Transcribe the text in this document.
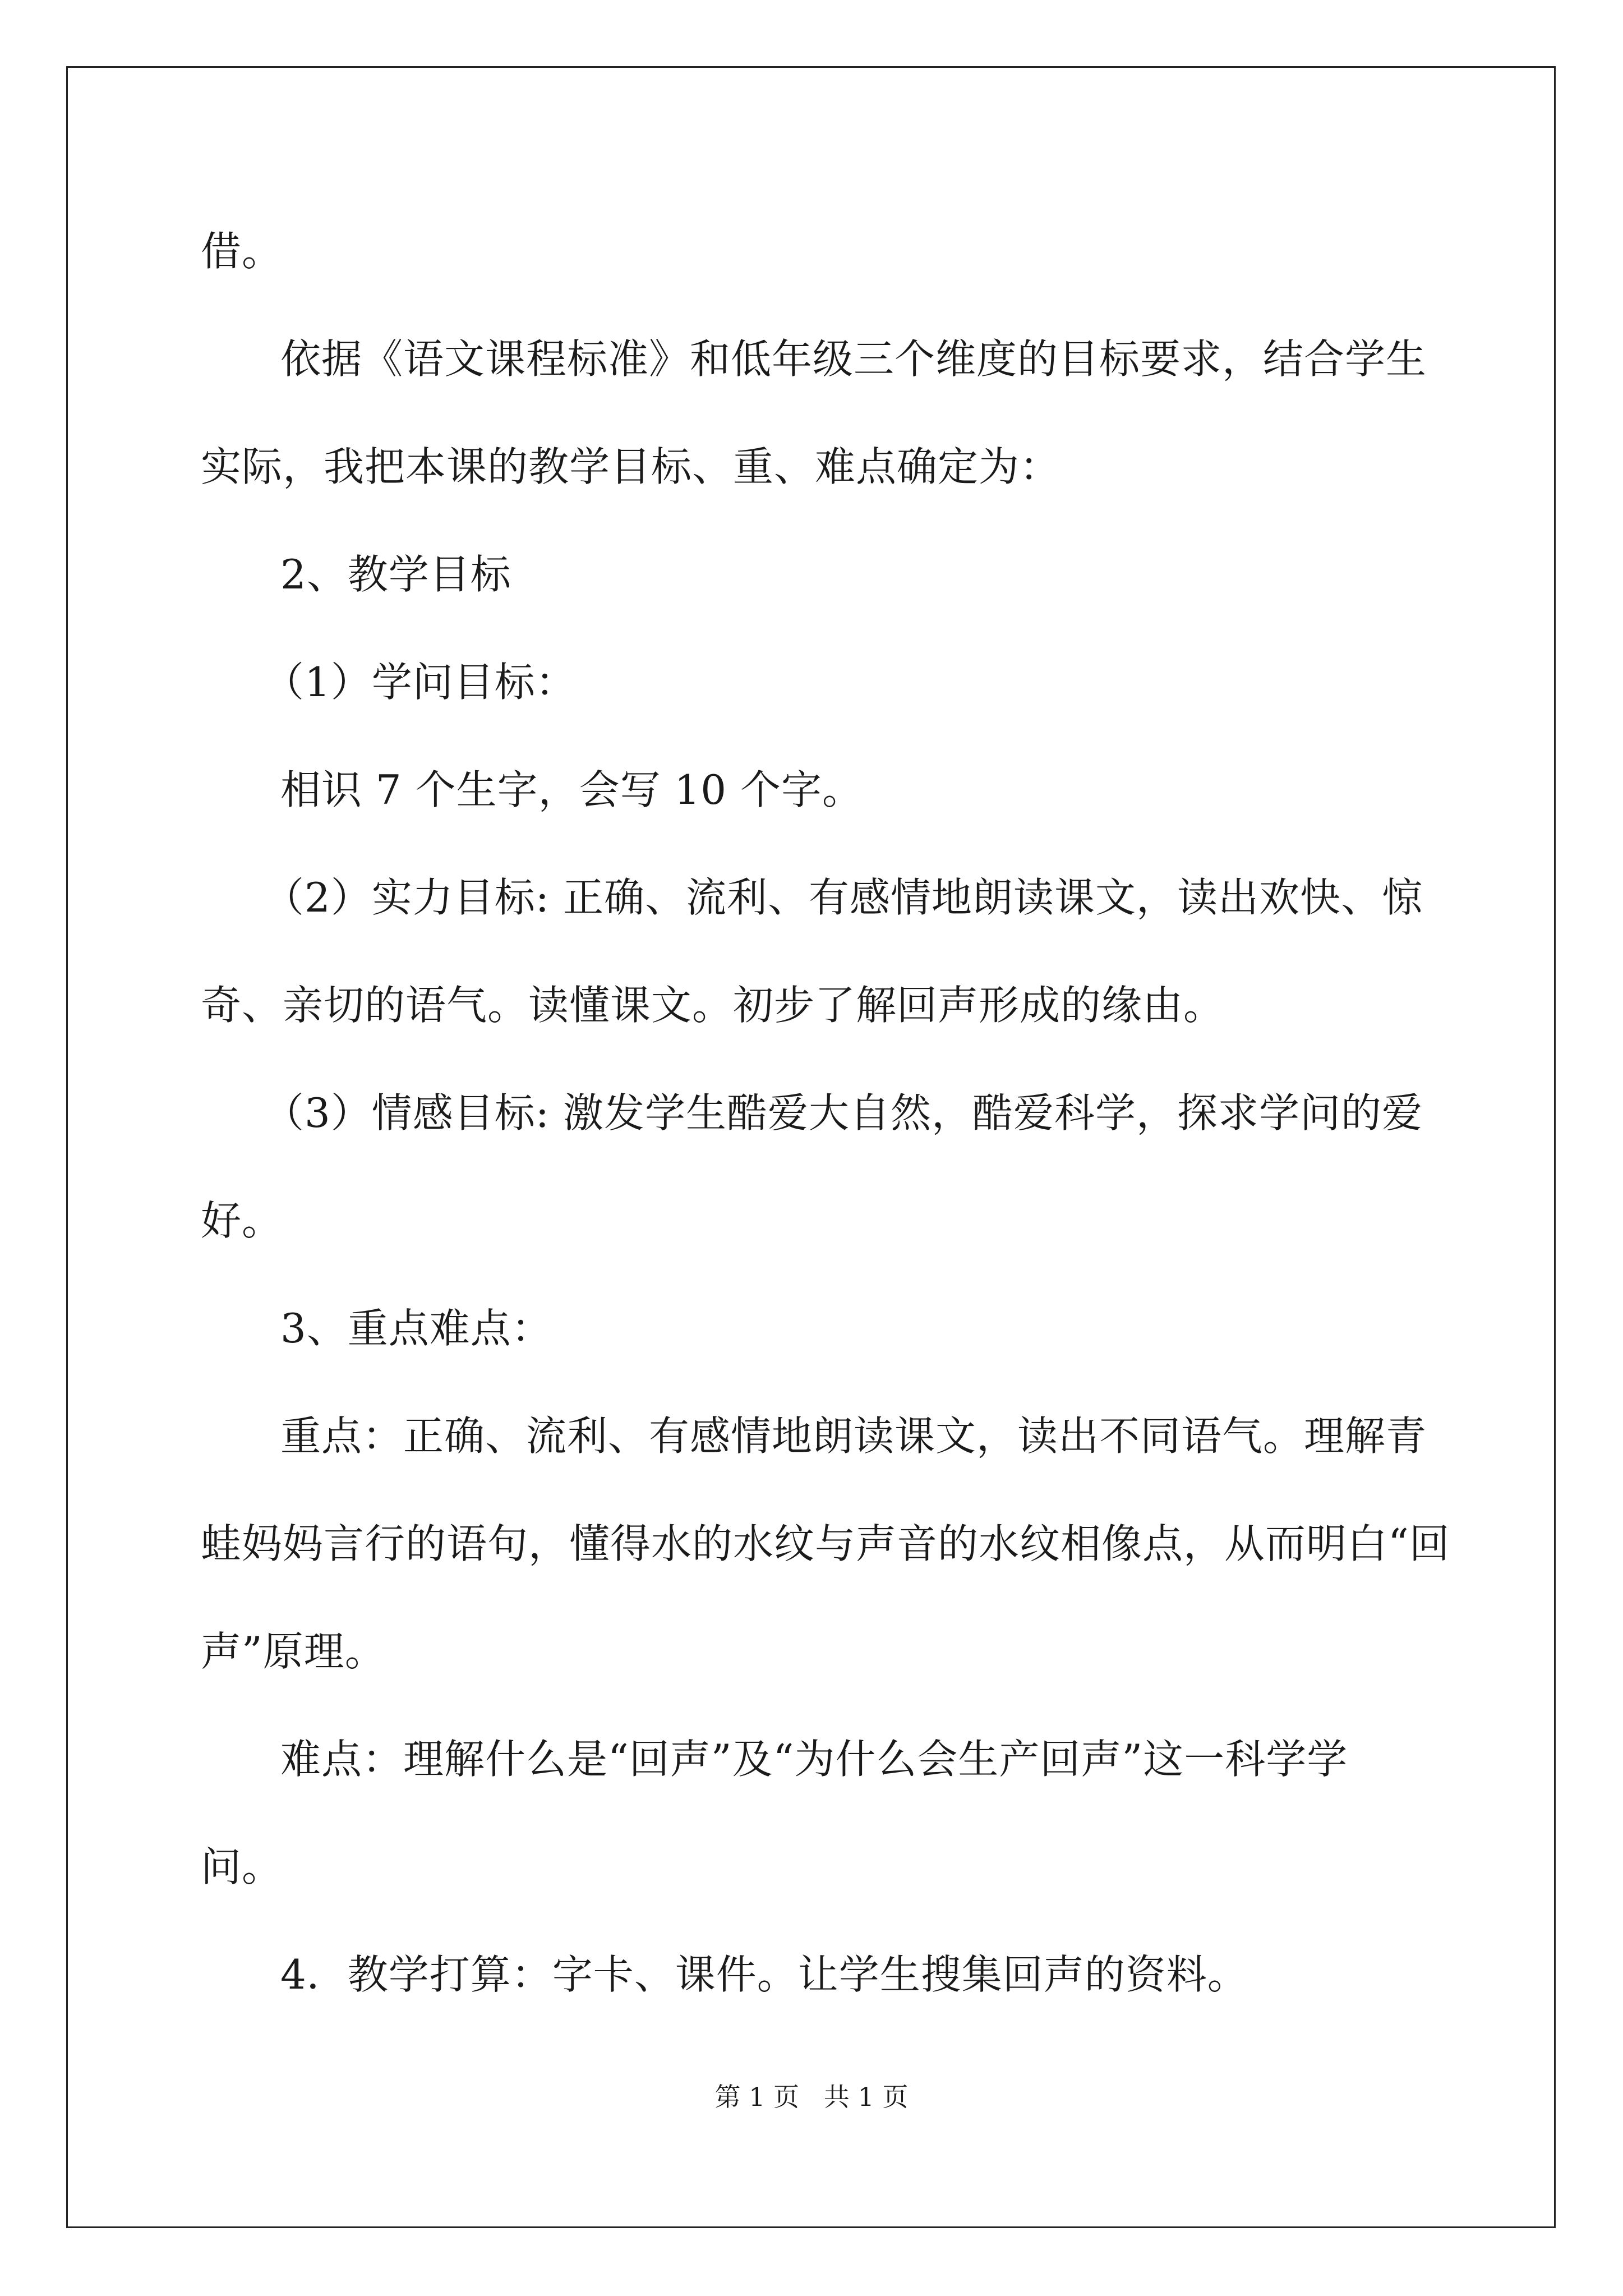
借。
依据《语文课程标准》和低年级三个维度的目标要求，结合学生
实际，我把本课的教学目标、重、难点确定为：
2、教学目标
（1）学问目标：
相识 7 个生字，会写 10 个字。
（2）实力目标: 正确、流利、有感情地朗读课文，读出欢快、惊
奇、亲切的语气。读懂课文。初步了解回声形成的缘由。
（3）情感目标: 激发学生酷爱大自然，酷爱科学，探求学问的爱
好。
3、重点难点：
重点：正确、流利、有感情地朗读课文，读出不同语气。理解青
蛙妈妈言行的语句，懂得水的水纹与声音的水纹相像点，从而明白“回
声”原理。
难点：理解什么是“回声”及“为什么会生产回声”这一科学学
问。
4．教学打算：字卡、课件。让学生搜集回声的资料。
第 1 页   共 1 页
